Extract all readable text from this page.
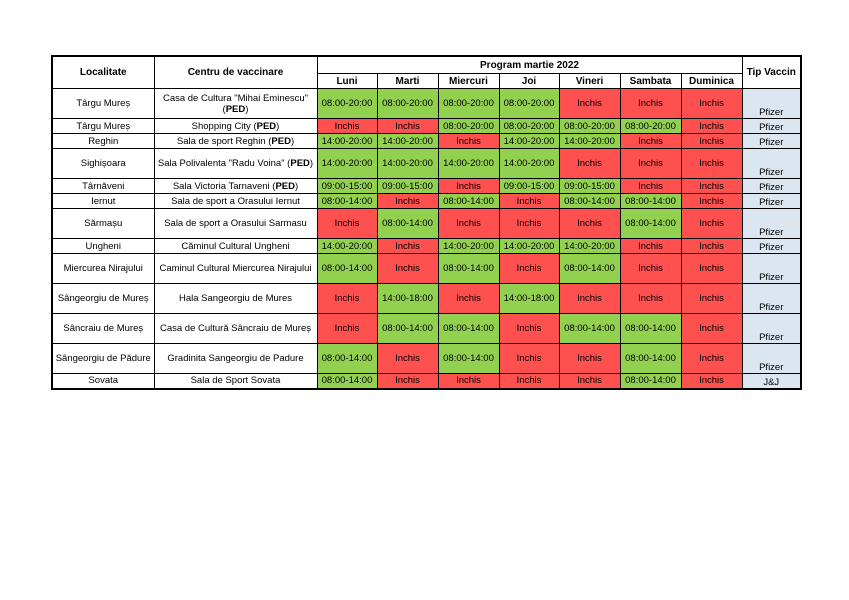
Localitate	Centru de vaccinare	Program martie 2022							Tip Vaccin
		Luni	Marti	Miercuri	Joi	Vineri	Sambata	Duminica	
Târgu Mureș	Casa de Cultura "Mihai Eminescu" (PED)	08:00-20:00	08:00-20:00	08:00-20:00	08:00-20:00	Inchis	Inchis	Inchis	Pfizer
Târgu Mureș	Shopping City (PED)	Inchis	Inchis	08:00-20:00	08:00-20:00	08:00-20:00	08:00-20:00	Inchis	Pfizer
Reghin	Sala de sport Reghin (PED)	14:00-20:00	14:00-20:00	Inchis	14:00-20:00	14:00-20:00	Inchis	Inchis	Pfizer
Sighișoara	Sala Polivalenta "Radu Voina" (PED)	14:00-20:00	14:00-20:00	14:00-20:00	14:00-20:00	Inchis	Inchis	Inchis	Pfizer
Târnăveni	Sala Victoria Tarnaveni (PED)	09:00-15:00	09:00-15:00	Inchis	09:00-15:00	09:00-15:00	Inchis	Inchis	Pfizer
Iernut	Sala de sport a Orasului Iernut	08:00-14:00	Inchis	08:00-14:00	Inchis	08:00-14:00	08:00-14:00	Inchis	Pfizer
Sărmașu	Sala de sport a Orasului Sarmasu	Inchis	08:00-14:00	Inchis	Inchis	Inchis	08:00-14:00	Inchis	Pfizer
Ungheni	Căminul Cultural Ungheni	14:00-20:00	Inchis	14:00-20:00	14:00-20:00	14:00-20:00	Inchis	Inchis	Pfizer
Miercurea Nirajului	Caminul Cultural Miercurea Nirajului	08:00-14:00	Inchis	08:00-14:00	Inchis	08:00-14:00	Inchis	Inchis	Pfizer
Sângeorgiu de Mureș	Hala Sangeorgiu de Mures	Inchis	14:00-18:00	Inchis	14:00-18:00	Inchis	Inchis	Inchis	Pfizer
Sâncraiu de Mureș	Casa de Cultură Sâncraiu de Mureș	Inchis	08:00-14:00	08:00-14:00	Inchis	08:00-14:00	08:00-14:00	Inchis	Pfizer
Sângeorgiu de Pădure	Gradinita Sangeorgiu de Padure	08:00-14:00	Inchis	08:00-14:00	Inchis	Inchis	08:00-14:00	Inchis	Pfizer
Sovata	Sala de Sport Sovata	08:00-14:00	Inchis	Inchis	Inchis	Inchis	08:00-14:00	Inchis	J&J
